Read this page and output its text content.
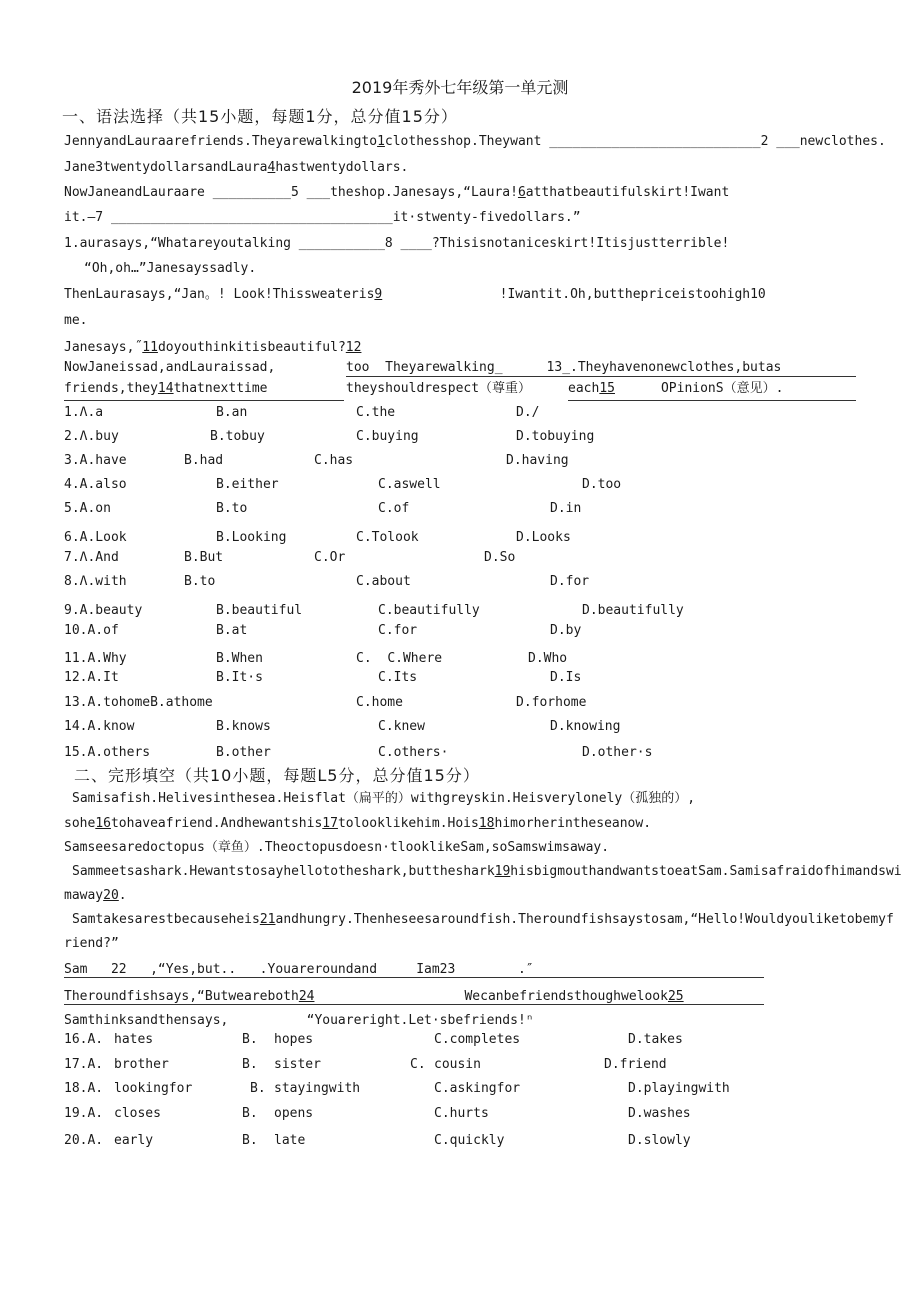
2019年秀外七年级第一单元测
一、语法选择（共15小题，每题1分，总分值15分）
JennyandLauraarefriends.Theyarewalkingto1clothesshop.Theywant ___________________________2 ___newclothes.
Jane3twentydollarsandLaura4hastwentydollars.
NowJaneandLauraare __________5 ___theshop.Janesays,“Laura!6atthatbeautifulskirt!Iwant
it.—7 ____________________________________it·stwenty-fivedollars.”
1.aurasays,“Whatareyoutalking ___________8 ____?Thisisnotaniceskirt!Itisjustterrible!
“Oh,oh…”Janesayssadly.
ThenLaurasays,“Jan。! Look!Thissweateris9               !Iwantit.Oh,butthepriceistoohigh10
me.
Janesays,˝11doyouthinkitisbeautiful?12
NowJaneissad,andLauraissad,
friends,they14thatnexttime
too  Theyarewalking_	13_.Theyhavenonewclothes,butas
theyshouldrespect（尊重）	each15	OPinionS（意见）.
1.Λ.a	B.an	C.the	D./
2.Λ.buy	B.tobuy	C.buying	D.tobuying
3.A.have	B.had	C.has	D.having
4.A.also	B.either	C.aswell	D.too
5.A.on	B.to	C.of	D.in
6.A.Look	B.Looking	C.Tolook	D.Looks
7.Λ.And	B.But	C.Or	D.So
8.Λ.with	B.to	C.about	D.for
9.A.beauty	B.beautiful	C.beautifully	D.beautifully
10.A.of	B.at	C.for	D.by
11.A.Why	B.When	C.  C.Where	D.Who
12.A.It	B.It·s	C.Its	D.Is
13.A.tohomeB.athome	C.home	D.forhome
14.A.know	B.knows	C.knew	D.knowing
15.A.others	B.other	C.others·	D.other·s
二、完形填空（共10小题，每题L5分，总分值15分）
Samisafish.Helivesinthesea.Heisflat（扁平的）withgreyskin.Heisverylonely（孤独的）,
sohe16tohaveafriend.Andhewantshis17tolooklikehim.Hois18himorherintheseanow.
Samseesaredoctopus（章鱼）.Theoctopusdoesn·tlooklikeSam,soSamswimsaway.
Sammeetsashark.Hewantstosayhellototheshark,buttheshark19hisbigmouthandwantstoeatSam.Samisafraidofhimandswi
maway20.
Samtakesarestbecauseheis21andhungry.Thenheseesaroundfish.Theroundfishsaystosam,“Hello!Wouldyouliketobemyf
riend?”
Sam   22   ,“Yes,but..   .Youareroundand     Iam23        .″
Theroundfishsays,“Butweareboth24	Wecanbefriendsthoughwelook25
Samthinksandthensays,          “Youareright.Let·sbefriends!ⁿ
16.A. hates	B. hopes	C.completes	D.takes
17.A. brother	B. sister	C. cousin	D.friend
18.A. lookingfor	B. stayingwith	C.askingfor	D.playingwith
19.A. closes	B. opens	C.hurts	D.washes
20.A. early	B. late	C.quickly	D.slowly
